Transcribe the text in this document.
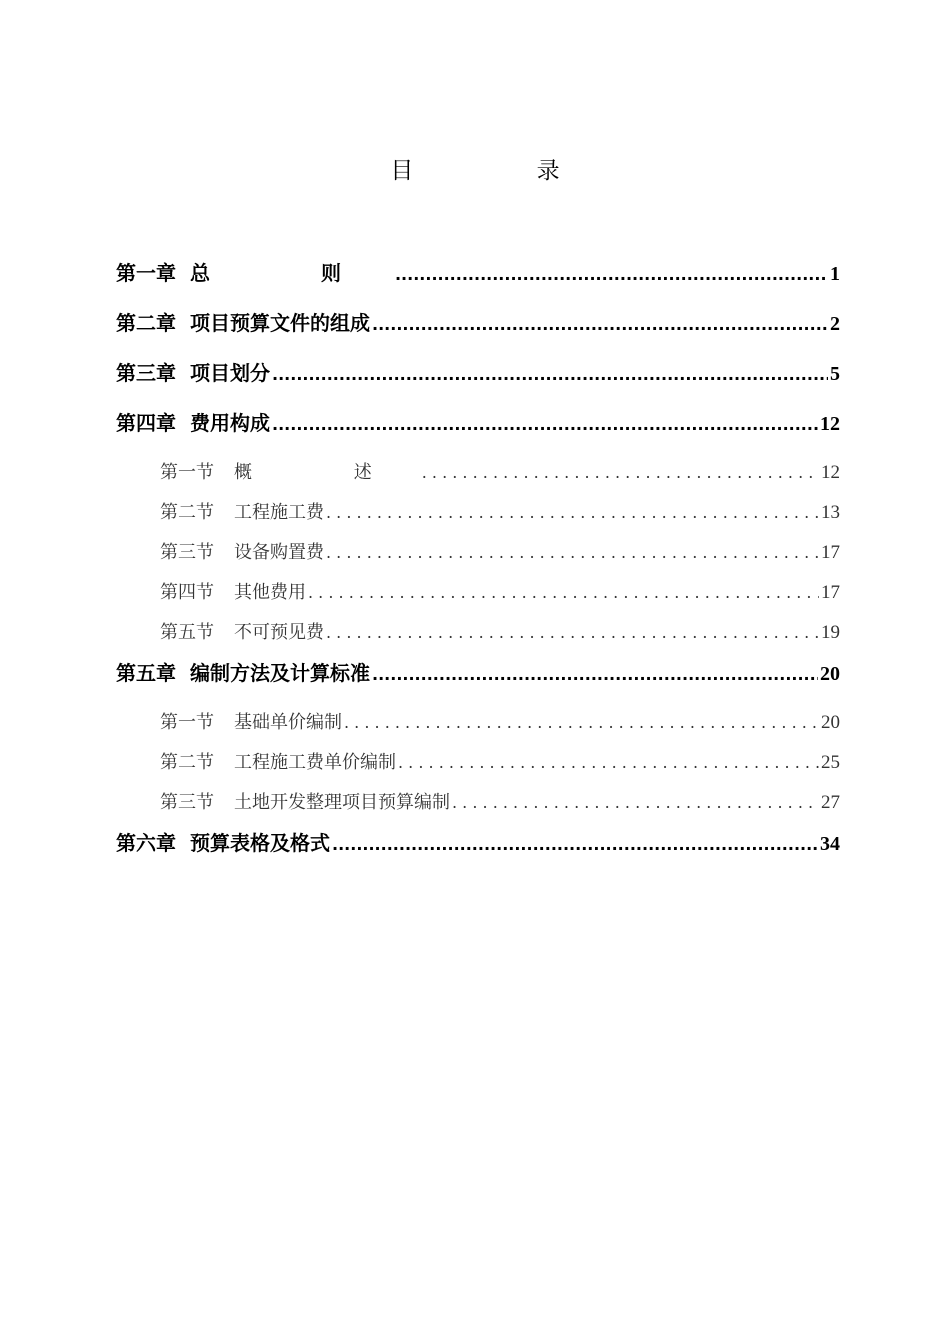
目 录
第一章 总 则 .....	1
第二章 项目预算文件的组成 .....	2
第三章 项目划分 .....	5
第四章 费用构成 .....	12
第一节 概 述 . . .	12
第二节 工程施工费 . . .	13
第三节 设备购置费 . . .	17
第四节 其他费用 . . .	17
第五节 不可预见费 . . .	19
第五章 编制方法及计算标准 .....	20
第一节 基础单价编制 . . .	20
第二节 工程施工费单价编制 . . .	25
第三节 土地开发整理项目预算编制 . . .	27
第六章 预算表格及格式 .....	34
